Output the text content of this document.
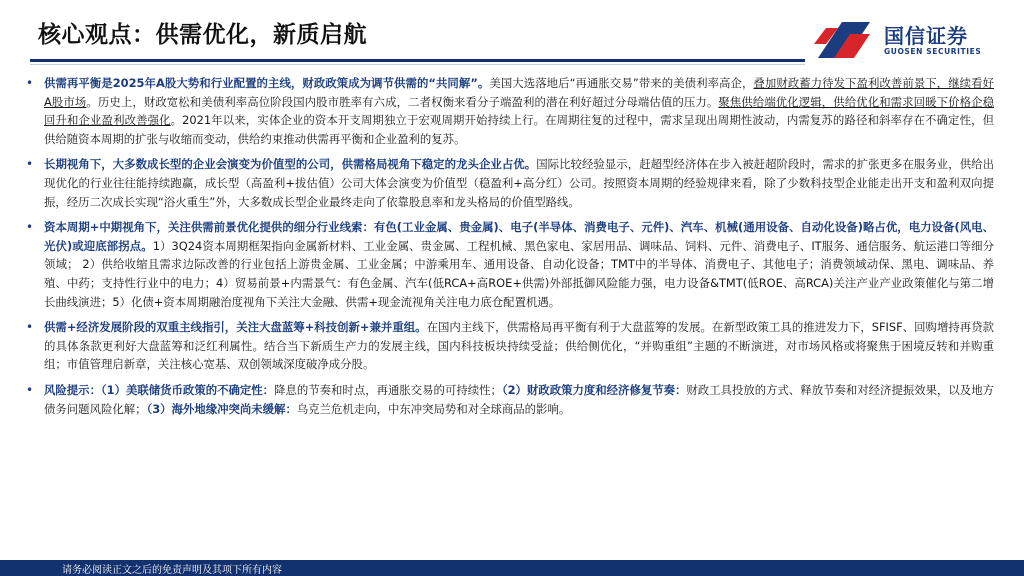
核心观点：供需优化，新质启航	国信证券
GUOSEN SECURITIES
• 供需再平衡是2025年A股大势和行业配置的主线，财政政策成为调节供需的“共同解”。美国大选落地后“再通胀交易”带来的美债利率高企，叠加财政蓄力待发下盈利改善前景下，继续看好A股市场。历史上，财政宽松和美债利率高位阶段国内股市胜率有六成，二者权衡来看分子端盈利的潜在利好超过分母端估值的压力。聚焦供给端优化逻辑，供给优化和需求回暖下价格企稳回升和企业盈利改善强化。2021年以来，实体企业的资本开支周期独立于宏观周期开始持续上行。在周期往复的过程中，需求呈现出周期性波动，内需复苏的路径和斜率存在不确定性，但供给随资本周期的扩张与收缩而变动，供给约束推动供需再平衡和企业盈利的复苏。
• 长期视角下，大多数成长型的企业会演变为价值型的公司，供需格局视角下稳定的龙头企业占优。国际比较经验显示，赶超型经济体在步入被赶超阶段时，需求的扩张更多在服务业，供给出现优化的行业往往能持续跑赢，成长型（高盈利+拔估值）公司大体会演变为价值型（稳盈利+高分红）公司。按照资本周期的经验规律来看，除了少数科技型企业能走出开支和盈利双向提振，经历二次成长实现“浴火重生”外，大多数成长型企业最终走向了依靠股息率和龙头格局的价值型路线。
• 资本周期+中期视角下，关注供需前景优化提供的细分行业线索：有色(工业金属、贵金属)、电子(半导体、消费电子、元件)、汽车、机械(通用设备、自动化设备)略占优，电力设备(风电、光伏)或迎底部拐点。1）3Q24资本周期框架指向金属新材料、工业金属、贵金属、工程机械、黑色家电、家居用品、调味品、饲料、元件、消费电子、IT服务、通信服务、航运港口等细分领域； 2）供给收缩且需求边际改善的行业包括上游贵金属、工业金属；中游乘用车、通用设备、自动化设备；TMT中的半导体、消费电子、其他电子；消费领域动保、黑电、调味品、养殖、中药；支持性行业中的电力；4）贸易前景+内需景气：有色金属、汽车(低RCA+高ROE+供需)外部抵御风险能力强，电力设备&TMT(低ROE、高RCA)关注产业产业政策催化与第二增长曲线演进；5）化债+资本周期融治度视角下关注大金融、供需+现金流视角关注电力底仓配置机遇。
• 供需+经济发展阶段的双重主线指引，关注大盘蓝筹+科技创新+兼并重组。在国内主线下，供需格局再平衡有利于大盘蓝筹的发展。在新型政策工具的推进发力下，SFISF、回购增持再贷款的具体条款更利好大盘蓝筹和泛红利属性。结合当下新质生产力的发展主线，国内科技板块持续受益；供给侧优化，“并购重组”主题的不断演进，对市场风格或将聚焦于困境反转和并购重组；市值管理启新章，关注核心宽基、双创领域深度破净成分股。
• 风险提示：（1）美联储货币政策的不确定性：降息的节奏和时点，再通胀交易的可持续性；（2）财政政策力度和经济修复节奏：财政工具投放的方式、释放节奏和对经济提振效果，以及地方债务问题风险化解；（3）海外地缘冲突尚未缓解：乌克兰危机走向，中东冲突局势和对全球商品的影响。
请务必阅读正文之后的免责声明及其项下所有内容
